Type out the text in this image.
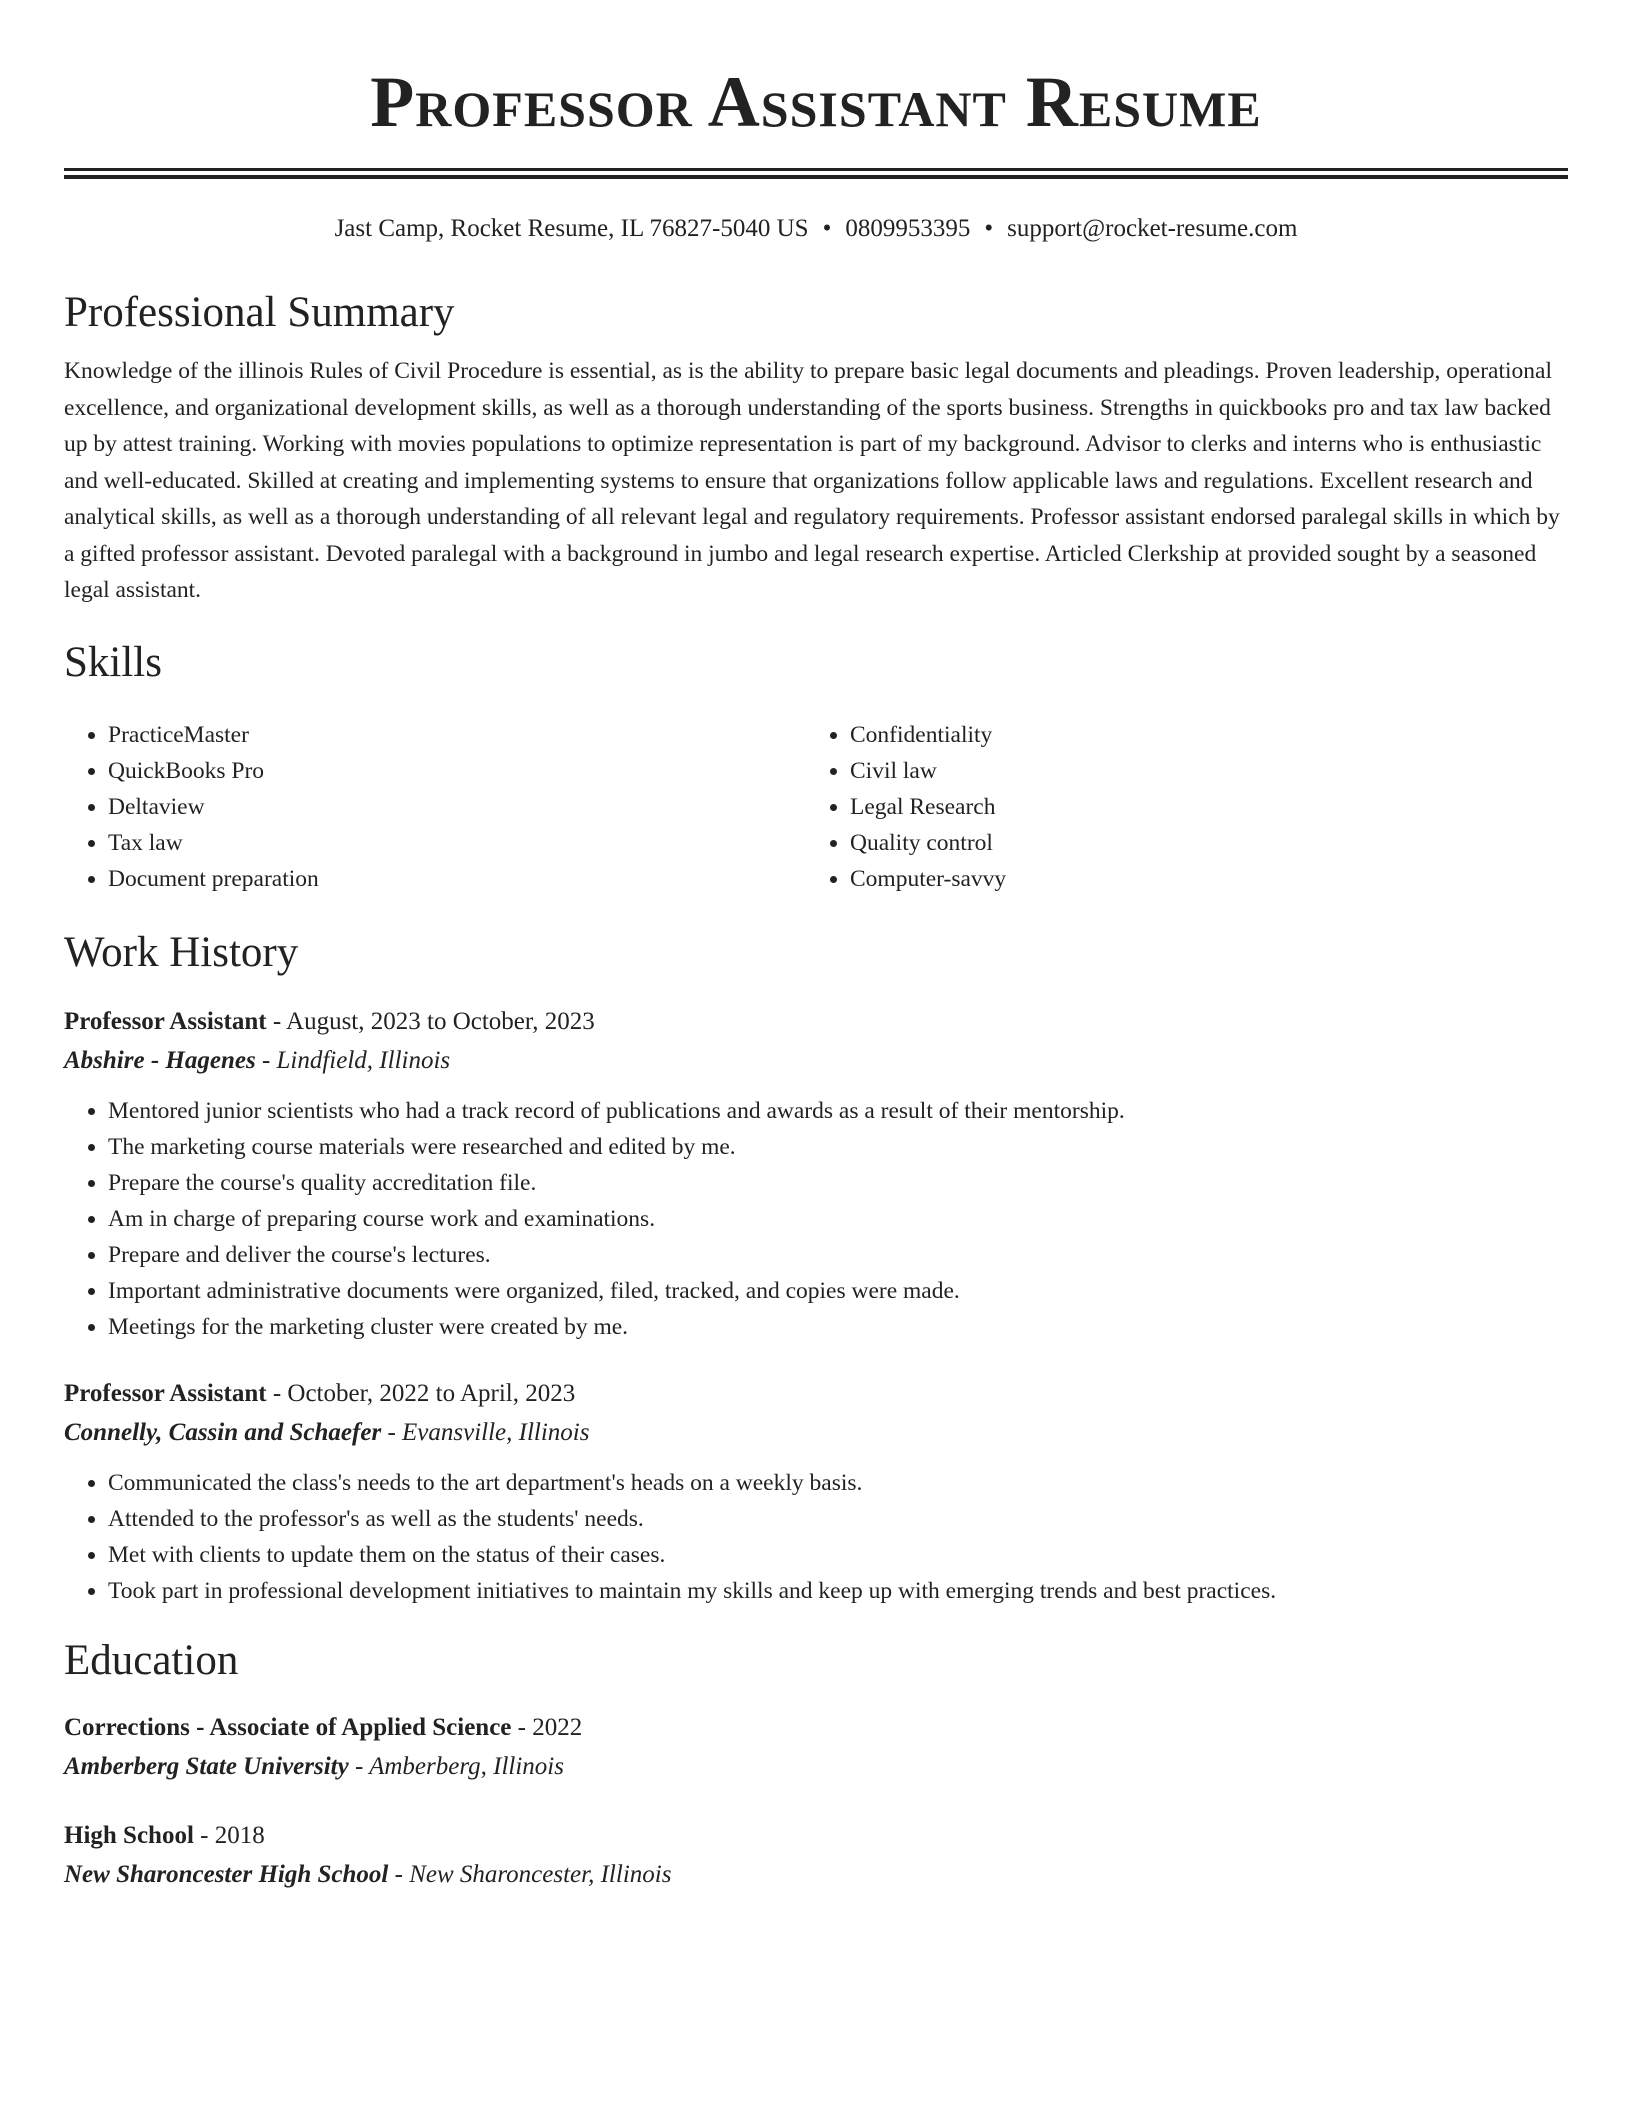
Professor Assistant Resume
Jast Camp, Rocket Resume, IL 76827-5040 US • 0809953395 • support@rocket-resume.com
Professional Summary

Knowledge of the illinois Rules of Civil Procedure is essential, as is the ability to prepare basic legal documents and pleadings. Proven leadership, operational excellence, and organizational development skills, as well as a thorough understanding of the sports business. Strengths in quickbooks pro and tax law backed up by attest training. Working with movies populations to optimize representation is part of my background. Advisor to clerks and interns who is enthusiastic and well-educated. Skilled at creating and implementing systems to ensure that organizations follow applicable laws and regulations. Excellent research and analytical skills, as well as a thorough understanding of all relevant legal and regulatory requirements. Professor assistant endorsed paralegal skills in which by a gifted professor assistant. Devoted paralegal with a background in jumbo and legal research expertise. Articled Clerkship at provided sought by a seasoned legal assistant.

Skills
• PracticeMaster
• QuickBooks Pro
• Deltaview
• Tax law
• Document preparation
• Confidentiality
• Civil law
• Legal Research
• Quality control
• Computer-savvy
Work History
Professor Assistant - August, 2023 to October, 2023
Abshire - Hagenes - Lindfield, Illinois
• Mentored junior scientists who had a track record of publications and awards as a result of their mentorship.
• The marketing course materials were researched and edited by me.
• Prepare the course's quality accreditation file.
• Am in charge of preparing course work and examinations.
• Prepare and deliver the course's lectures.
• Important administrative documents were organized, filed, tracked, and copies were made.
• Meetings for the marketing cluster were created by me.
Professor Assistant - October, 2022 to April, 2023
Connelly, Cassin and Schaefer - Evansville, Illinois
• Communicated the class's needs to the art department's heads on a weekly basis.
• Attended to the professor's as well as the students' needs.
• Met with clients to update them on the status of their cases.
• Took part in professional development initiatives to maintain my skills and keep up with emerging trends and best practices.
Education
Corrections - Associate of Applied Science - 2022
Amberberg State University - Amberberg, Illinois
High School - 2018
New Sharoncester High School - New Sharoncester, Illinois
